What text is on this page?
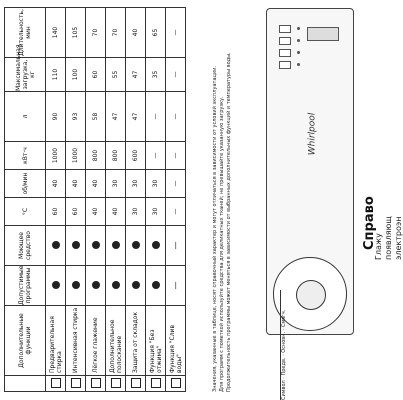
Справо
Глажу появляющ электроэн
Whirlpool
	Дополнительные функции	Допустимые программы	Моющее средство	°С	об/мин	кВт·ч	л	Максимальная загрузка, кг	Длительность, мин
	Предварительная стирка			60	40	1000	90	110	140
	Интенсивная стирка			60	40	1000	93	100	105
	Лёгкое глажение			40	40	800	58	60	70
	Дополнительное полоскание			40	30	800	47	55	70
	Защита от складок			30	30	600	47	47	40
	Функция "Без отжима"			30	30	—	—	35	65
	Функция "Слив воды"	—	—	—	—	—	—	—	—
Значения, указанные в таблице, носят справочный характер и могут отличаться в зависимости от условий эксплуатации. Для программ с пометкой используйте средства для деликатных тканей; не превышайте указанную загрузку. Продолжительность программы может меняться в зависимости от выбранных дополнительных функций и температуры воды.	Символ · Предв. · Основн. · Смягч.
